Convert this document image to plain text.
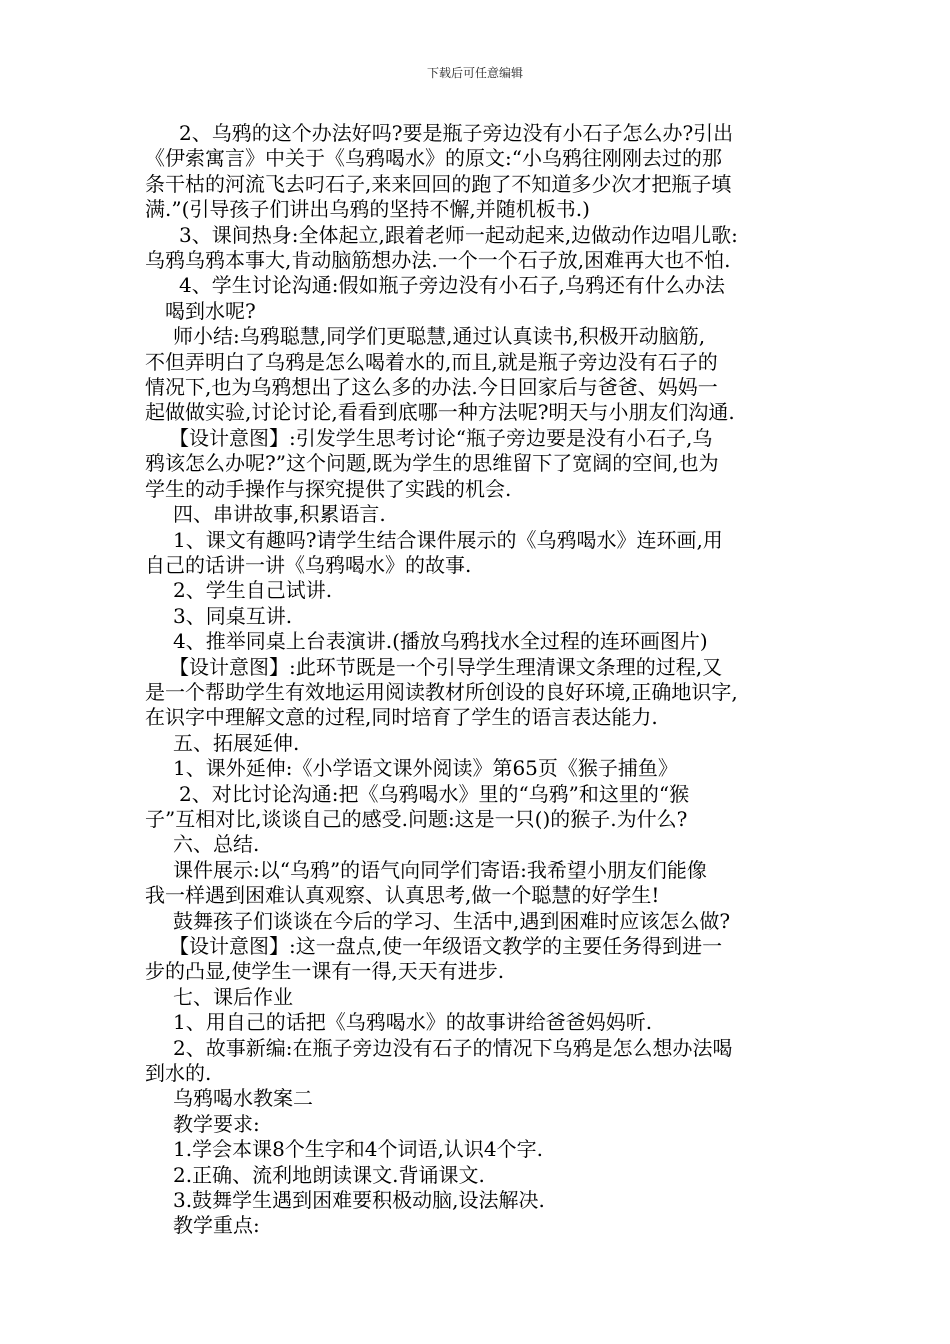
下载后可任意编辑

2、乌鸦的这个办法好吗?要是瓶子旁边没有小石子怎么办?引出

《伊索寓言》中关于《乌鸦喝水》的原文:“小乌鸦往刚刚去过的那

条干枯的河流飞去叼石子,来来回回的跑了不知道多少次才把瓶子填

满.”(引导孩子们讲出乌鸦的坚持不懈,并随机板书.)

3、课间热身:全体起立,跟着老师一起动起来,边做动作边唱儿歌:

乌鸦乌鸦本事大,肯动脑筋想办法.一个一个石子放,困难再大也不怕.

4、学生讨论沟通:假如瓶子旁边没有小石子,乌鸦还有什么办法

喝到水呢?

师小结:乌鸦聪慧,同学们更聪慧,通过认真读书,积极开动脑筋,

不但弄明白了乌鸦是怎么喝着水的,而且,就是瓶子旁边没有石子的

情况下,也为乌鸦想出了这么多的办法.今日回家后与爸爸、妈妈一

起做做实验,讨论讨论,看看到底哪一种方法呢?明天与小朋友们沟通.

【设计意图】:引发学生思考讨论“瓶子旁边要是没有小石子,乌

鸦该怎么办呢?”这个问题,既为学生的思维留下了宽阔的空间,也为

学生的动手操作与探究提供了实践的机会.

四、串讲故事,积累语言.

1、课文有趣吗?请学生结合课件展示的《乌鸦喝水》连环画,用

自己的话讲一讲《乌鸦喝水》的故事.

2、学生自己试讲.

3、同桌互讲.

4、推举同桌上台表演讲.(播放乌鸦找水全过程的连环画图片)

【设计意图】:此环节既是一个引导学生理清课文条理的过程,又

是一个帮助学生有效地运用阅读教材所创设的良好环境,正确地识字,

在识字中理解文意的过程,同时培育了学生的语言表达能力.

五、拓展延伸.

1、课外延伸:《小学语文课外阅读》第65页《猴子捕鱼》

2、对比讨论沟通:把《乌鸦喝水》里的“乌鸦”和这里的“猴

子”互相对比,谈谈自己的感受.问题:这是一只()的猴子.为什么?

六、总结.

课件展示:以“乌鸦”的语气向同学们寄语:我希望小朋友们能像

我一样遇到困难认真观察、认真思考,做一个聪慧的好学生!

鼓舞孩子们谈谈在今后的学习、生活中,遇到困难时应该怎么做?

【设计意图】:这一盘点,使一年级语文教学的主要任务得到进一

步的凸显,使学生一课有一得,天天有进步.

七、课后作业

1、用自己的话把《乌鸦喝水》的故事讲给爸爸妈妈听.

2、故事新编:在瓶子旁边没有石子的情况下乌鸦是怎么想办法喝

到水的.

乌鸦喝水教案二

教学要求:

1.学会本课8个生字和4个词语,认识4个字.

2.正确、流利地朗读课文.背诵课文.

3.鼓舞学生遇到困难要积极动脑,设法解决.

教学重点:
